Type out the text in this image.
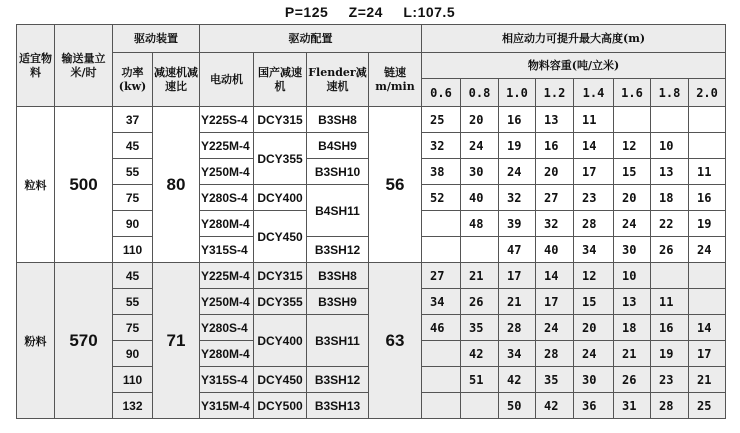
P=125 Z=24 L:107.5
适宜物料	输送量立米/时	驱动装置		驱动配置				相应动力可提升最大高度(m)							
		功率(kw)	减速机减速比	电动机	国产减速机	Flender减速机	链速m/min	物料容重(吨/立米)							
								0.6	0.8	1.0	1.2	1.4	1.6	1.8	2.0
粒料	500	37	80	Y225S-4	DCY315	B3SH8	56	25	20	16	13	11			
		45		Y225M-4	DCY355	B4SH9		32	24	19	16	14	12	10	
		55		Y250M-4		B3SH10		38	30	24	20	17	15	13	11
		75		Y280S-4	DCY400	B4SH11		52	40	32	27	23	20	18	16
		90		Y280M-4	DCY450				48	39	32	28	24	22	19
		110		Y315S-4		B3SH12				47	40	34	30	26	24
粉料	570	45	71	Y225M-4	DCY315	B3SH8	63	27	21	17	14	12	10		
		55		Y250M-4	DCY355	B3SH9		34	26	21	17	15	13	11	
		75		Y280S-4	DCY400	B3SH11		46	35	28	24	20	18	16	14
		90		Y280M-4					42	34	28	24	21	19	17
		110		Y315S-4	DCY450	B3SH12			51	42	35	30	26	23	21
		132		Y315M-4	DCY500	B3SH13				50	42	36	31	28	25
